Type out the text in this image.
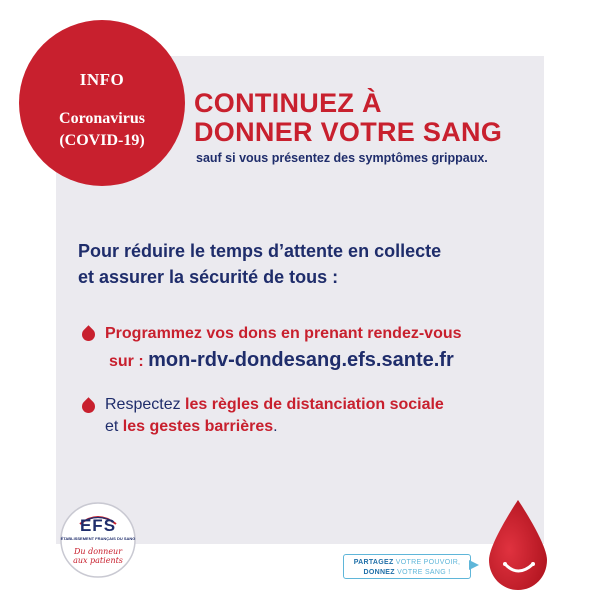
INFO
Coronavirus
(COVID-19)
CONTINUEZ À
DONNER VOTRE SANG
sauf si vous présentez des symptômes grippaux.
Pour réduire le temps d’attente en collecte
et assurer la sécurité de tous :
Programmez vos dons en prenant rendez-vous
sur : mon-rdv-dondesang.efs.sante.fr
Respectez les règles de distanciation sociale
et les gestes barrières.
EFS
ÉTABLISSEMENT FRANÇAIS DU SANG
Du donneur
aux patients	PARTAGEZ VOTRE POUVOIR,
DONNEZ VOTRE SANG !
